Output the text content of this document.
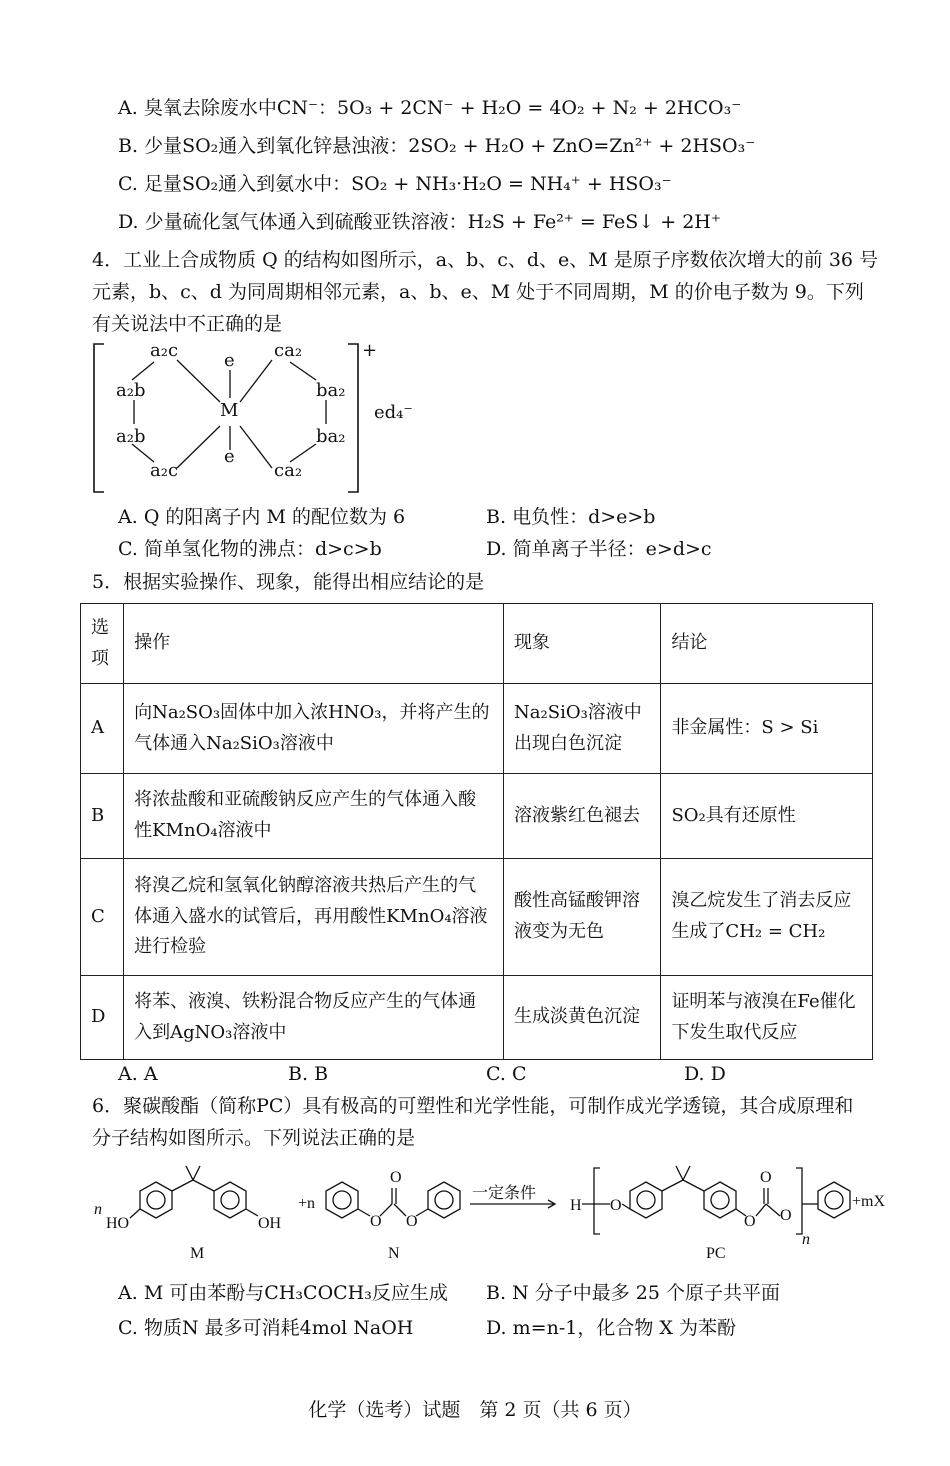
A. 臭氧去除废水中CN⁻：5O₃ + 2CN⁻ + H₂O = 4O₂ + N₂ + 2HCO₃⁻
B. 少量SO₂通入到氧化锌悬浊液：2SO₂ + H₂O + ZnO=Zn²⁺ + 2HSO₃⁻
C. 足量SO₂通入到氨水中：SO₂ + NH₃·H₂O = NH₄⁺ + HSO₃⁻
D. 少量硫化氢气体通入到硫酸亚铁溶液：H₂S + Fe²⁺ = FeS↓ + 2H⁺
4．工业上合成物质 Q 的结构如图所示，a、b、c、d、e、M 是原子序数依次增大的前 36 号
元素，b、c、d 为同周期相邻元素，a、b、e、M 处于不同周期，M 的价电子数为 9。下列
有关说法中不正确的是
a₂c
a₂b
a₂b
a₂c
e
M
e
ca₂
ba₂
ba₂
ca₂
+
ed₄⁻
A. Q 的阳离子内 M 的配位数为 6	B. 电负性：d>e>b
C. 简单氢化物的沸点：d>c>b	D. 简单离子半径：e>d>c
5．根据实验操作、现象，能得出相应结论的是
选项	操作	现象	结论
A	向Na₂SO₃固体中加入浓HNO₃，并将产生的气体通入Na₂SiO₃溶液中	Na₂SiO₃溶液中出现白色沉淀	非金属性：S > Si
B	将浓盐酸和亚硫酸钠反应产生的气体通入酸性KMnO₄溶液中	溶液紫红色褪去	SO₂具有还原性
C	将溴乙烷和氢氧化钠醇溶液共热后产生的气体通入盛水的试管后，再用酸性KMnO₄溶液进行检验	酸性高锰酸钾溶液变为无色	溴乙烷发生了消去反应生成了CH₂ = CH₂
D	将苯、液溴、铁粉混合物反应产生的气体通入到AgNO₃溶液中	生成淡黄色沉淀	证明苯与液溴在Fe催化下发生取代反应
A. A	B. B	C. C	D. D
6．聚碳酸酯（简称PC）具有极高的可塑性和光学性能，可制作成光学透镜，其合成原理和
分子结构如图所示。下列说法正确的是
n
HO	OH
+n
O
O O
一定条件
H O
O
O
O
n
+mX
M	N	PC
A. M 可由苯酚与CH₃COCH₃反应生成 B. N 分子中最多 25 个原子共平面
C. 物质N 最多可消耗4mol NaOH	D. m=n-1，化合物 X 为苯酚
化学（选考）试题　第 2 页（共 6 页）
